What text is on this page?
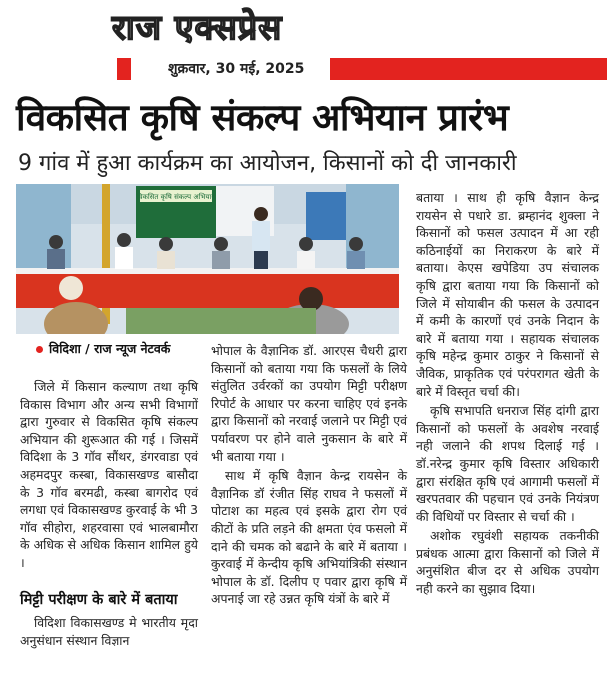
राज एक्सप्रेस
शुक्रवार, 30 मई, 2025
विकसित कृषि संकल्प अभियान प्रारंभ
9 गांव में हुआ कार्यक्रम का आयोजन, किसानों को दी जानकारी
विकसित कृषि संकल्प अभियान
विदिशा / राज न्यूज नेटवर्क

जिले में किसान कल्याण तथा कृषि विकास विभाग और अन्य सभी विभागों द्वारा गुरुवार से विकसित कृषि संकल्प अभियान की शुरूआत की गई । जिसमें विदिशा के 3 गॉव सौंथर, डंगरवाडा एवं अहमदपुर कस्बा, विकासखण्ड बासौदा के 3 गॉव बरमढी, कस्बा बागरोद एवं लगधा एवं विकासखण्ड कुरवाई के भी 3 गॉव सीहोरा, शहरवासा एवं भालबामौरा के अधिक से अधिक किसान शामिल हुये ।

मिट्टी परीक्षण के बारे में बताया

विदिशा विकासखण्ड मे भारतीय मृदा अनुसंधान संस्थान विज्ञान

भोपाल के वैज्ञानिक डॉ. आरएस चैधरी द्वारा किसानों को बताया गया कि फसलों के लिये संतुलित उर्वरकों का उपयोग मिट्टी परीक्षण रिपोर्ट के आधार पर करना चाहिए एवं इनके द्वारा किसानों को नरवाई जलाने पर मिट्टी एवं पर्यावरण पर होने वाले नुकसान के बारे में भी बताया गया ।

साथ में कृषि वैज्ञान केन्द्र रायसेन के वैज्ञानिक डॉ रंजीत सिंह राघव ने फसलों में पोटाश का महत्व एवं इसके द्वारा रोग एवं कीटों के प्रति लड़ने की क्षमता एंव फसलो में दाने की चमक को बढाने के बारे में बताया । कुरवाई में केन्दीय कृषि अभियांत्रिकी संस्थान भोपाल के डॉ. दिलीप ए पवार द्वारा कृषि में अपनाई जा रहे उन्नत कृषि यंत्रों के बारे में

बताया । साथ ही कृषि वैज्ञान केन्द्र रायसेन से पधारे डा. ब्रम्हानंद शुक्ला ने किसानों को फसल उत्पादन में आ रही कठिनाईयों का निराकरण के बारे में बताया। केएस खपेडिया उप संचालक कृषि द्वारा बताया गया कि किसानों को जिले में सोयाबीन की फसल के उत्पादन में कमी के कारणों एवं उनके निदान के बारे में बताया गया । सहायक संचालक कृषि महेन्द्र कुमार ठाकुर ने किसानों से जैविक, प्राकृतिक एवं परंपरागत खेती के बारे में विस्तृत चर्चा की।

कृषि सभापति धनराज सिंह दांगी द्वारा किसानों को फसलों के अवशेष नरवाई नही जलाने की शपथ दिलाई गई । डॉ.नरेन्द्र कुमार कृषि विस्तार अधिकारी द्वारा संरक्षित कृषि एवं आगामी फसलों में खरपतवार की पहचान एवं उनके नियंत्रण की विधियों पर विस्तार से चर्चा की ।

अशोक रघुवंशी सहायक तकनीकी प्रबंधक आत्मा द्वारा किसानों को जिले में अनुसंशित बीज दर से अधिक उपयोग नही करने का सुझाव दिया।
